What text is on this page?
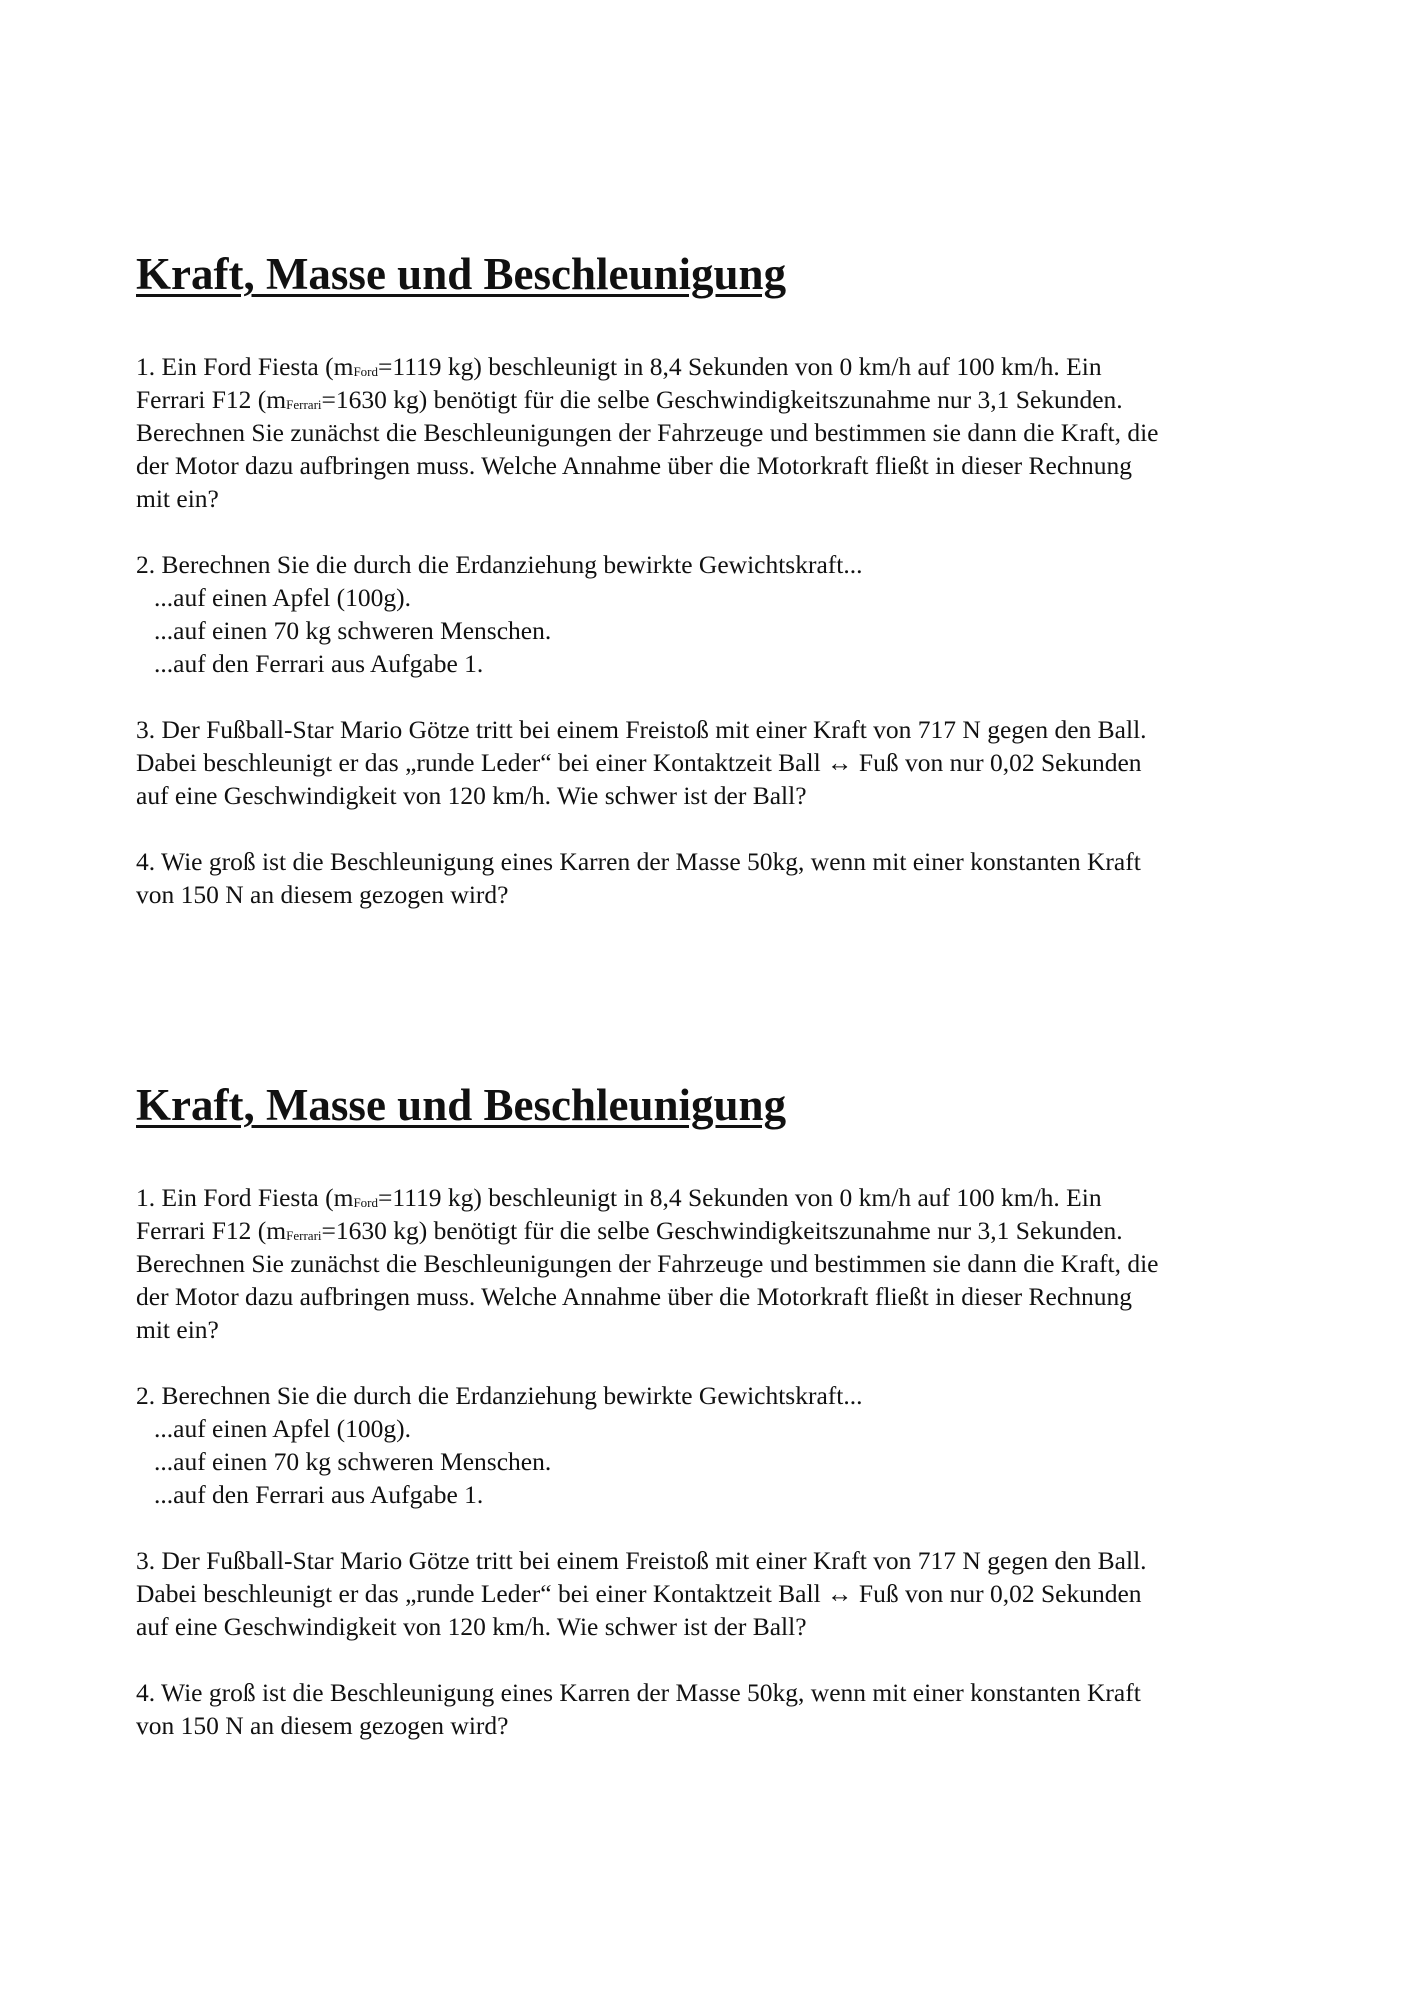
Kraft, Masse und Beschleunigung

1. Ein Ford Fiesta ($m_{Ford}=1119$ kg) beschleunigt in 8,4 Sekunden von 0 km/h auf 100 km/h. Ein
Ferrari F12 ($m_{Ferrari}=1630$ kg) benötigt für die selbe Geschwindigkeitszunahme nur 3,1 Sekunden.
Berechnen Sie zunächst die Beschleunigungen der Fahrzeuge und bestimmen sie dann die Kraft, die
der Motor dazu aufbringen muss. Welche Annahme über die Motorkraft fließt in dieser Rechnung
mit ein?

2. Berechnen Sie die durch die Erdanziehung bewirkte Gewichtskraft...
...auf einen Apfel (100g).
...auf einen 70 kg schweren Menschen.
...auf den Ferrari aus Aufgabe 1.

3. Der Fußball-Star Mario Götze tritt bei einem Freistoß mit einer Kraft von 717 N gegen den Ball.
Dabei beschleunigt er das „runde Leder“ bei einer Kontaktzeit Ball ↔ Fuß von nur 0,02 Sekunden
auf eine Geschwindigkeit von 120 km/h. Wie schwer ist der Ball?

4. Wie groß ist die Beschleunigung eines Karren der Masse 50kg, wenn mit einer konstanten Kraft
von 150 N an diesem gezogen wird?

Kraft, Masse und Beschleunigung

1. Ein Ford Fiesta ($m_{Ford}=1119$ kg) beschleunigt in 8,4 Sekunden von 0 km/h auf 100 km/h. Ein
Ferrari F12 ($m_{Ferrari}=1630$ kg) benötigt für die selbe Geschwindigkeitszunahme nur 3,1 Sekunden.
Berechnen Sie zunächst die Beschleunigungen der Fahrzeuge und bestimmen sie dann die Kraft, die
der Motor dazu aufbringen muss. Welche Annahme über die Motorkraft fließt in dieser Rechnung
mit ein?

2. Berechnen Sie die durch die Erdanziehung bewirkte Gewichtskraft...
...auf einen Apfel (100g).
...auf einen 70 kg schweren Menschen.
...auf den Ferrari aus Aufgabe 1.

3. Der Fußball-Star Mario Götze tritt bei einem Freistoß mit einer Kraft von 717 N gegen den Ball.
Dabei beschleunigt er das „runde Leder“ bei einer Kontaktzeit Ball ↔ Fuß von nur 0,02 Sekunden
auf eine Geschwindigkeit von 120 km/h. Wie schwer ist der Ball?

4. Wie groß ist die Beschleunigung eines Karren der Masse 50kg, wenn mit einer konstanten Kraft
von 150 N an diesem gezogen wird?
